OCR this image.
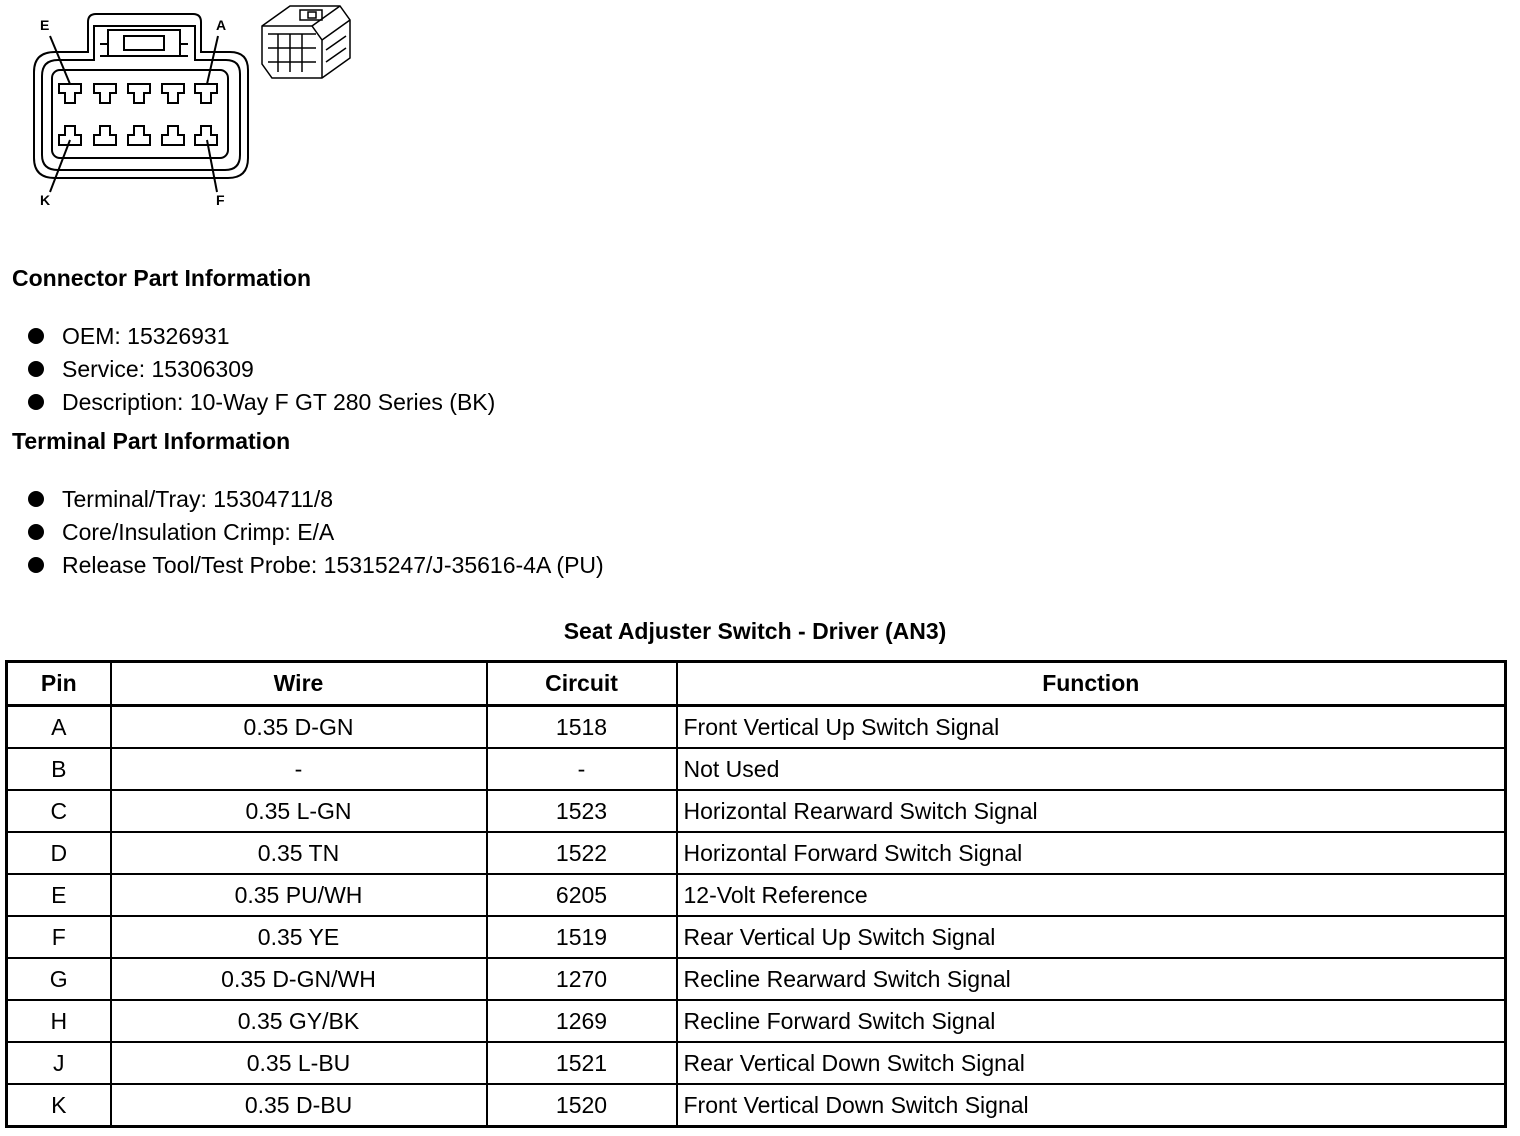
E	A
K	F
Connector Part Information
OEM: 15326931
Service: 15306309
Description: 10-Way F GT 280 Series (BK)
Terminal Part Information
Terminal/Tray: 15304711/8
Core/Insulation Crimp: E/A
Release Tool/Test Probe: 15315247/J-35616-4A (PU)
Seat Adjuster Switch - Driver (AN3)
Pin	Wire	Circuit	Function
A	0.35 D-GN	1518	Front Vertical Up Switch Signal
B	-	-	Not Used
C	0.35 L-GN	1523	Horizontal Rearward Switch Signal
D	0.35 TN	1522	Horizontal Forward Switch Signal
E	0.35 PU/WH	6205	12-Volt Reference
F	0.35 YE	1519	Rear Vertical Up Switch Signal
G	0.35 D-GN/WH	1270	Recline Rearward Switch Signal
H	0.35 GY/BK	1269	Recline Forward Switch Signal
J	0.35 L-BU	1521	Rear Vertical Down Switch Signal
K	0.35 D-BU	1520	Front Vertical Down Switch Signal
